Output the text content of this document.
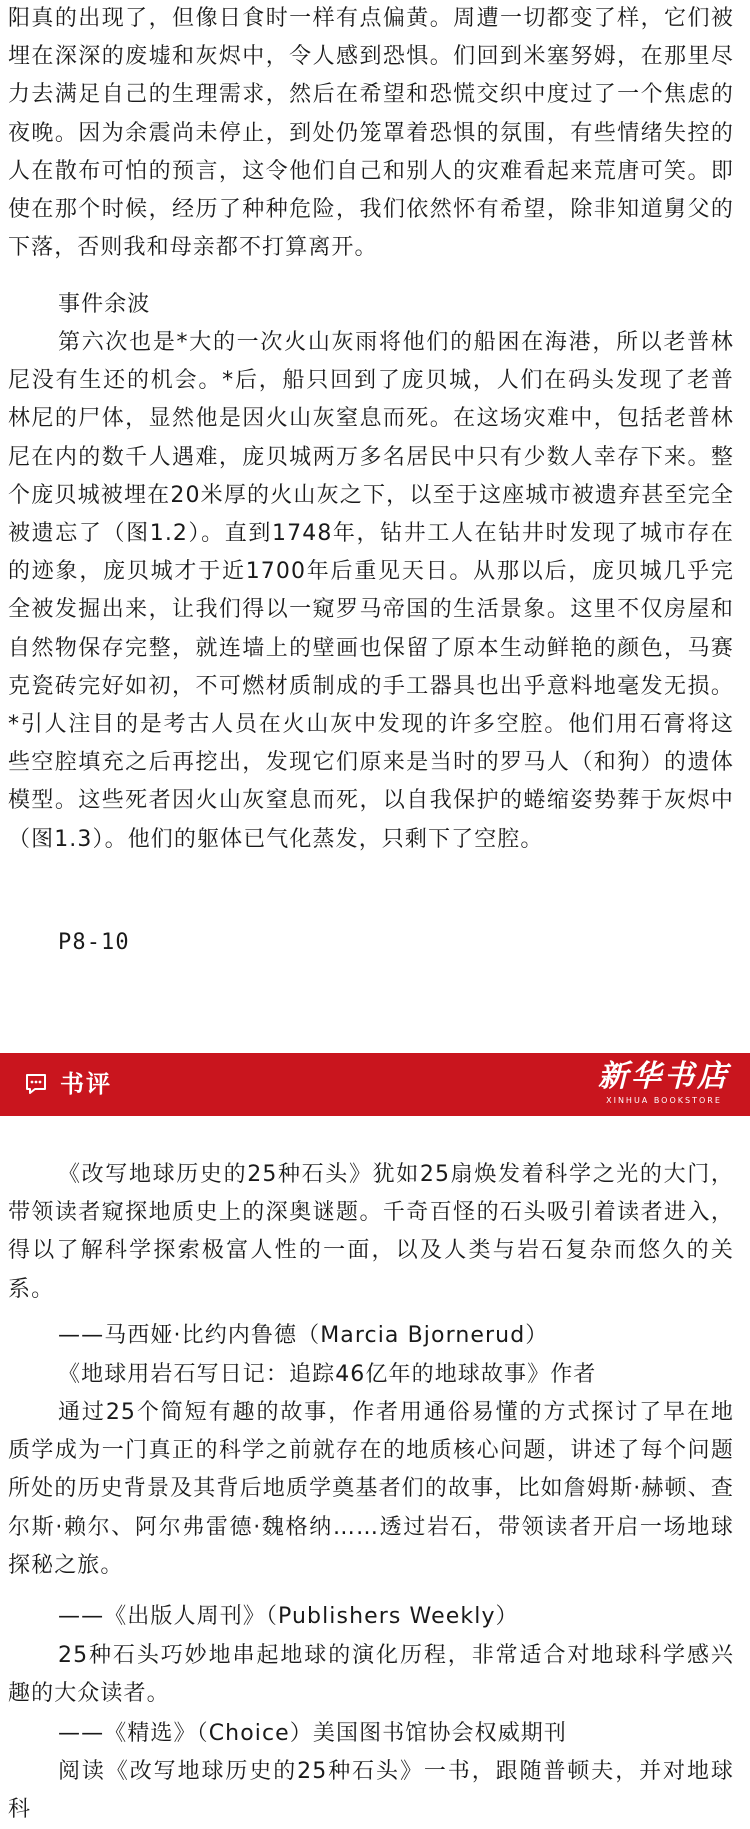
阳真的出现了，但像日食时一样有点偏黄。周遭一切都变了样，它们被埋在深深的废墟和灰烬中，令人感到恐惧。们回到米塞努姆，在那里尽力去满足自己的生理需求，然后在希望和恐慌交织中度过了一个焦虑的夜晚。因为余震尚未停止，到处仍笼罩着恐惧的氛围，有些情绪失控的人在散布可怕的预言，这令他们自己和别人的灾难看起来荒唐可笑。即使在那个时候，经历了种种危险，我们依然怀有希望，除非知道舅父的下落，否则我和母亲都不打算离开。

事件余波

第六次也是*大的一次火山灰雨将他们的船困在海港，所以老普林尼没有生还的机会。*后，船只回到了庞贝城，人们在码头发现了老普林尼的尸体，显然他是因火山灰窒息而死。在这场灾难中，包括老普林尼在内的数千人遇难，庞贝城两万多名居民中只有少数人幸存下来。整个庞贝城被埋在20米厚的火山灰之下，以至于这座城市被遗弃甚至完全被遗忘了（图1.2）。直到1748年，钻井工人在钻井时发现了城市存在的迹象，庞贝城才于近1700年后重见天日。从那以后，庞贝城几乎完全被发掘出来，让我们得以一窥罗马帝国的生活景象。这里不仅房屋和自然物保存完整，就连墙上的壁画也保留了原本生动鲜艳的颜色，马赛克瓷砖完好如初，不可燃材质制成的手工器具也出乎意料地毫发无损。*引人注目的是考古人员在火山灰中发现的许多空腔。他们用石膏将这些空腔填充之后再挖出，发现它们原来是当时的罗马人（和狗）的遗体模型。这些死者因火山灰窒息而死，以自我保护的蜷缩姿势葬于灰烬中（图1.3）。他们的躯体已气化蒸发，只剩下了空腔。

P8-10

书评	新华书店
XINHUA BOOKSTORE

《改写地球历史的25种石头》犹如25扇焕发着科学之光的大门，带领读者窥探地质史上的深奥谜题。千奇百怪的石头吸引着读者进入，得以了解科学探索极富人性的一面，以及人类与岩石复杂而悠久的关系。

——马西娅·比约内鲁德（Marcia Bjornerud）

《地球用岩石写日记：追踪46亿年的地球故事》作者

通过25个简短有趣的故事，作者用通俗易懂的方式探讨了早在地质学成为一门真正的科学之前就存在的地质核心问题，讲述了每个问题所处的历史背景及其背后地质学奠基者们的故事，比如詹姆斯·赫顿、查尔斯·赖尔、阿尔弗雷德·魏格纳……透过岩石，带领读者开启一场地球探秘之旅。

——《出版人周刊》（Publishers Weekly）

25种石头巧妙地串起地球的演化历程，非常适合对地球科学感兴趣的大众读者。

——《精选》（Choice）美国图书馆协会权威期刊

阅读《改写地球历史的25种石头》一书，跟随普顿夫，并对地球科
